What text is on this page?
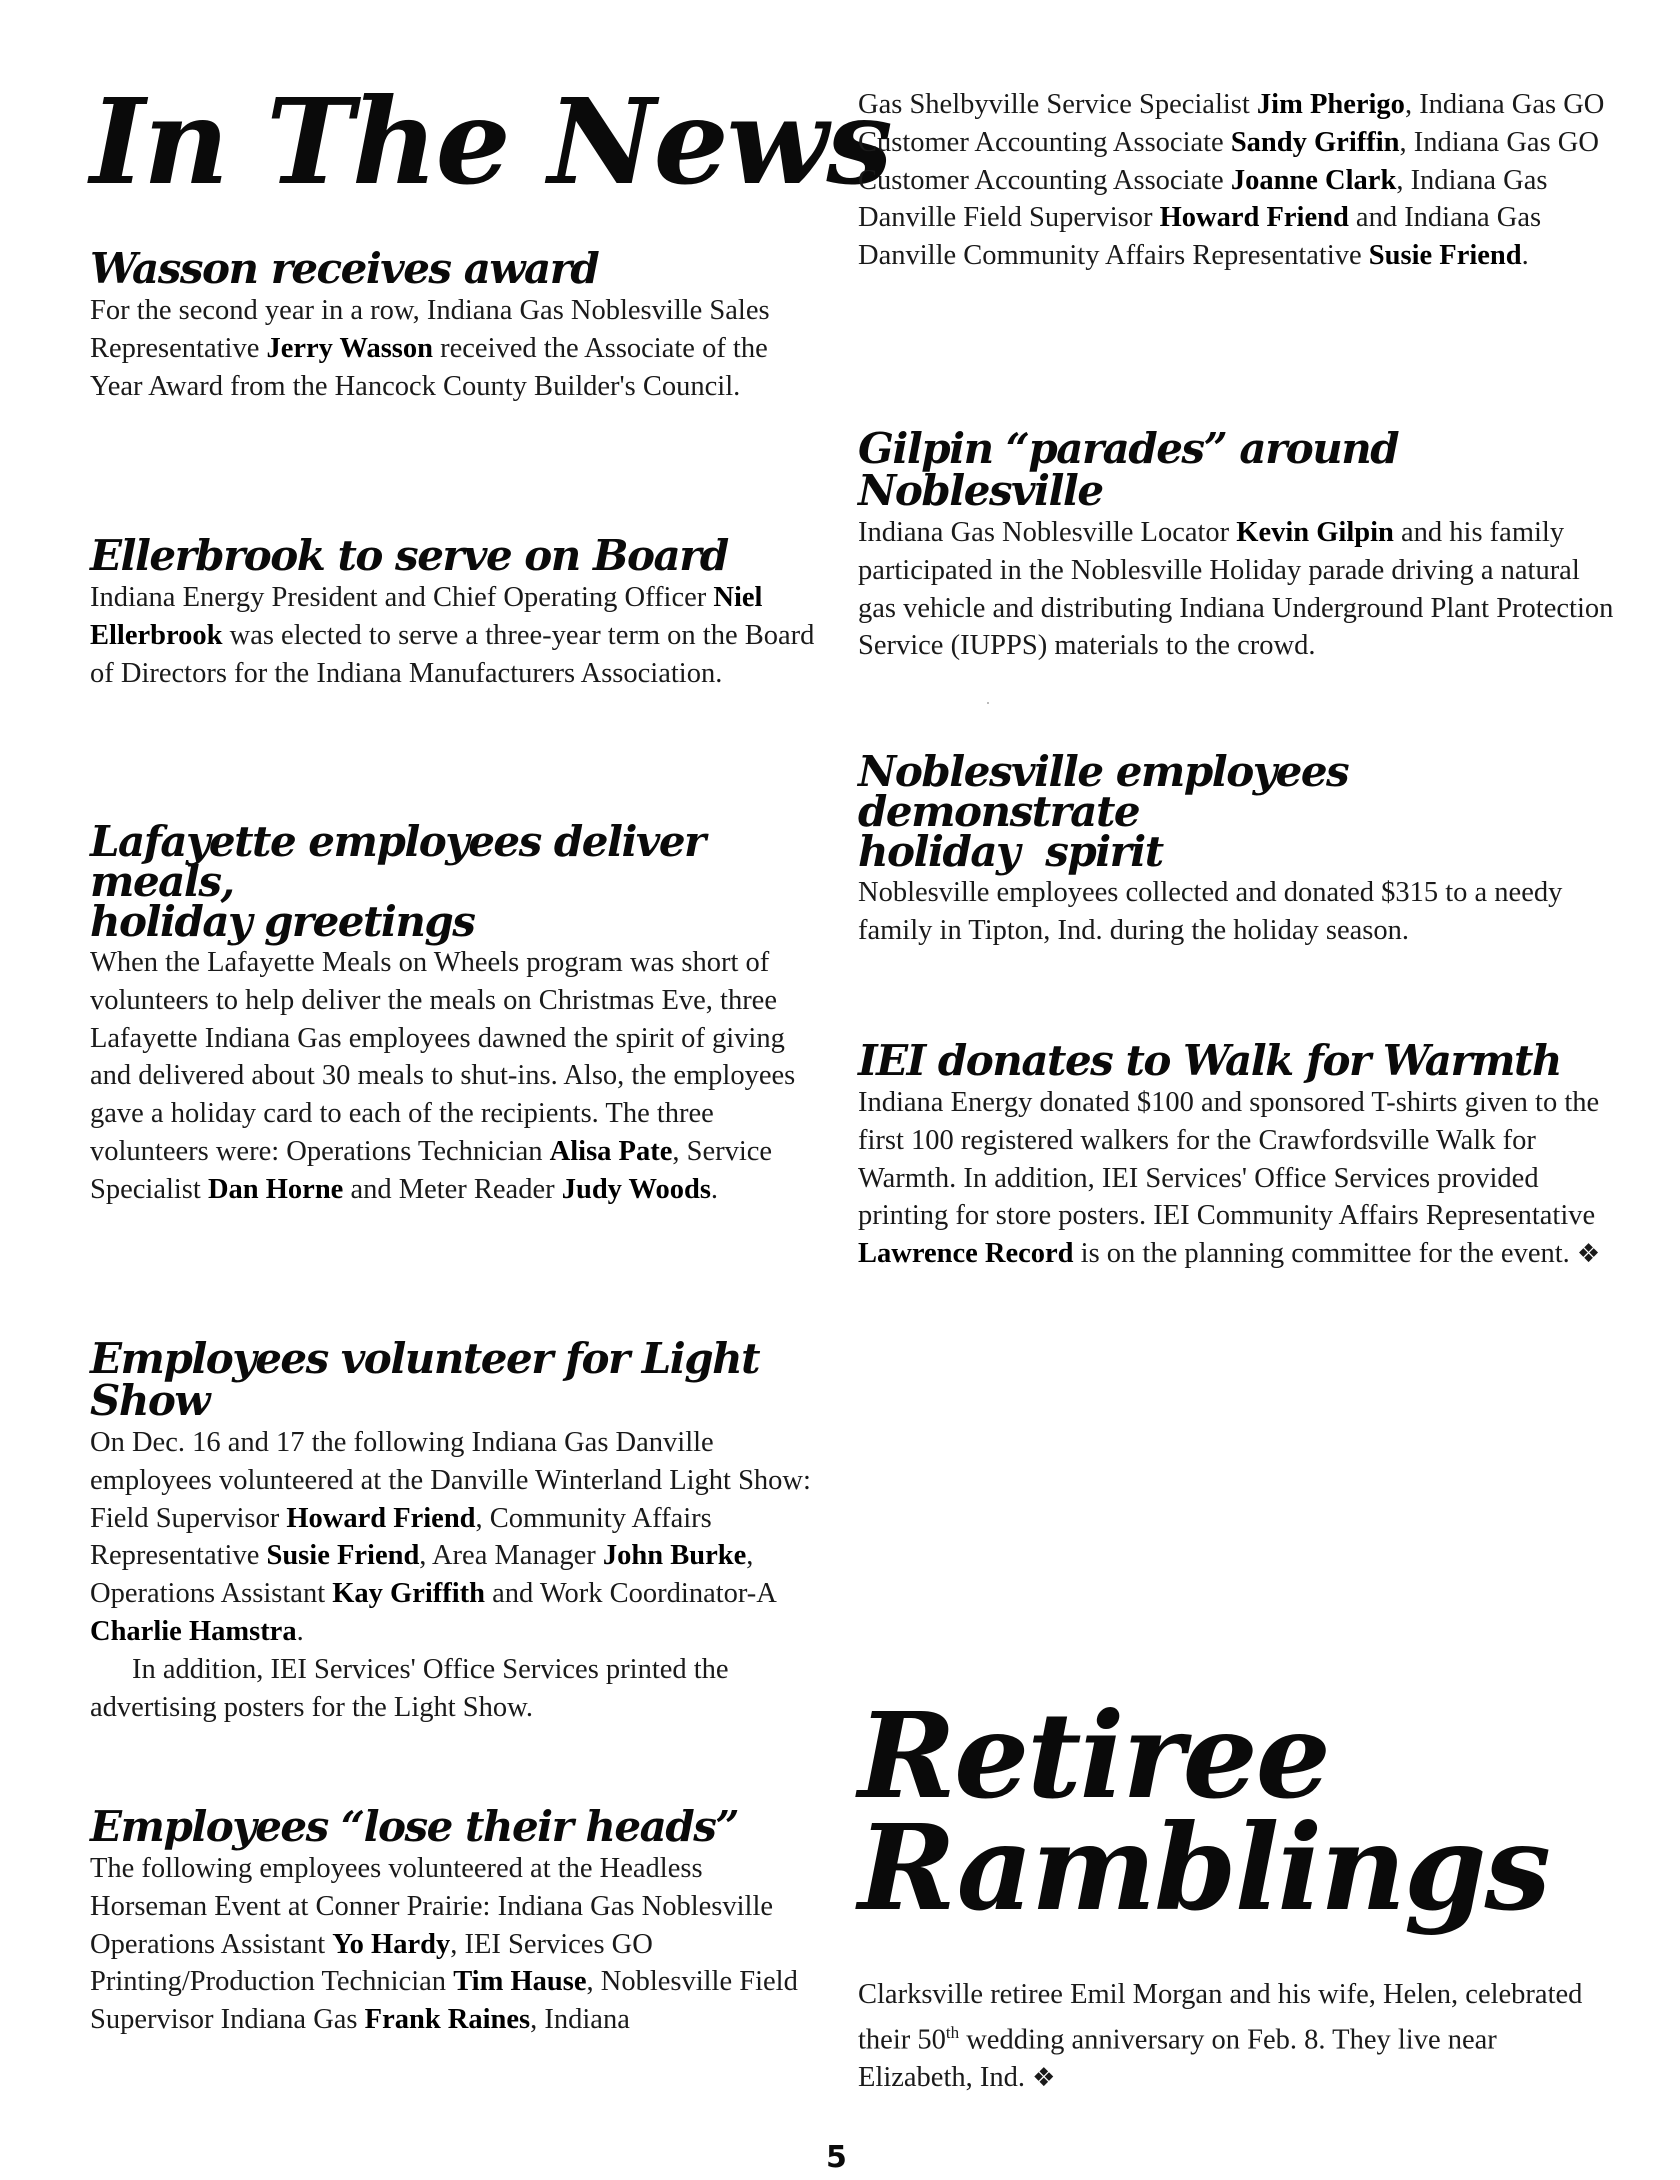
In The News
Wasson receives award

For the second year in a row, Indiana Gas Noblesville Sales Representative Jerry Wasson received the Associate of the Year Award from the Hancock County Builder's Council.

Ellerbrook to serve on Board

Indiana Energy President and Chief Operating Officer Niel Ellerbrook was elected to serve a three-year term on the Board of Directors for the Indiana Manufacturers Association.

Lafayette employees deliver meals,
holiday greetings

When the Lafayette Meals on Wheels program was short of volunteers to help deliver the meals on Christmas Eve, three Lafayette Indiana Gas employees dawned the spirit of giving and delivered about 30 meals to shut-ins. Also, the employees gave a holiday card to each of the recipients. The three volunteers were: Operations Technician Alisa Pate, Service Specialist Dan Horne and Meter Reader Judy Woods.

Employees volunteer for Light Show

On Dec. 16 and 17 the following Indiana Gas Danville employees volunteered at the Danville Winterland Light Show: Field Supervisor Howard Friend, Community Affairs Representative Susie Friend, Area Manager John Burke, Operations Assistant Kay Griffith and Work Coordinator-A Charlie Hamstra.

In addition, IEI Services' Office Services printed the advertising posters for the Light Show.

Employees “lose their heads”

The following employees volunteered at the Headless Horseman Event at Conner Prairie: Indiana Gas Noblesville Operations Assistant Yo Hardy, IEI Services GO Printing/Production Technician Tim Hause, Noblesville Field Supervisor Indiana Gas Frank Raines, Indiana

Gas Shelbyville Service Specialist Jim Pherigo, Indiana Gas GO Customer Accounting Associate Sandy Griffin, Indiana Gas GO Customer Accounting Associate Joanne Clark, Indiana Gas Danville Field Supervisor Howard Friend and Indiana Gas Danville Community Affairs Representative Susie Friend.

Gilpin “parades” around Noblesville

Indiana Gas Noblesville Locator Kevin Gilpin and his family participated in the Noblesville Holiday parade driving a natural gas vehicle and distributing Indiana Underground Plant Protection Service (IUPPS) materials to the crowd.

Noblesville employees demonstrate
holiday  spirit

Noblesville employees collected and donated $315 to a needy family in Tipton, Ind. during the holiday season.

IEI donates to Walk for Warmth

Indiana Energy donated $100 and sponsored T-shirts given to the first 100 registered walkers for the Crawfordsville Walk for Warmth. In addition, IEI Services' Office Services provided printing for store posters. IEI Community Affairs Representative Lawrence Record is on the planning committee for the event. ❖

Retiree
Ramblings

Clarksville retiree Emil Morgan and his wife, Helen, celebrated their 50th wedding anniversary on Feb. 8. They live near Elizabeth, Ind. ❖

5
